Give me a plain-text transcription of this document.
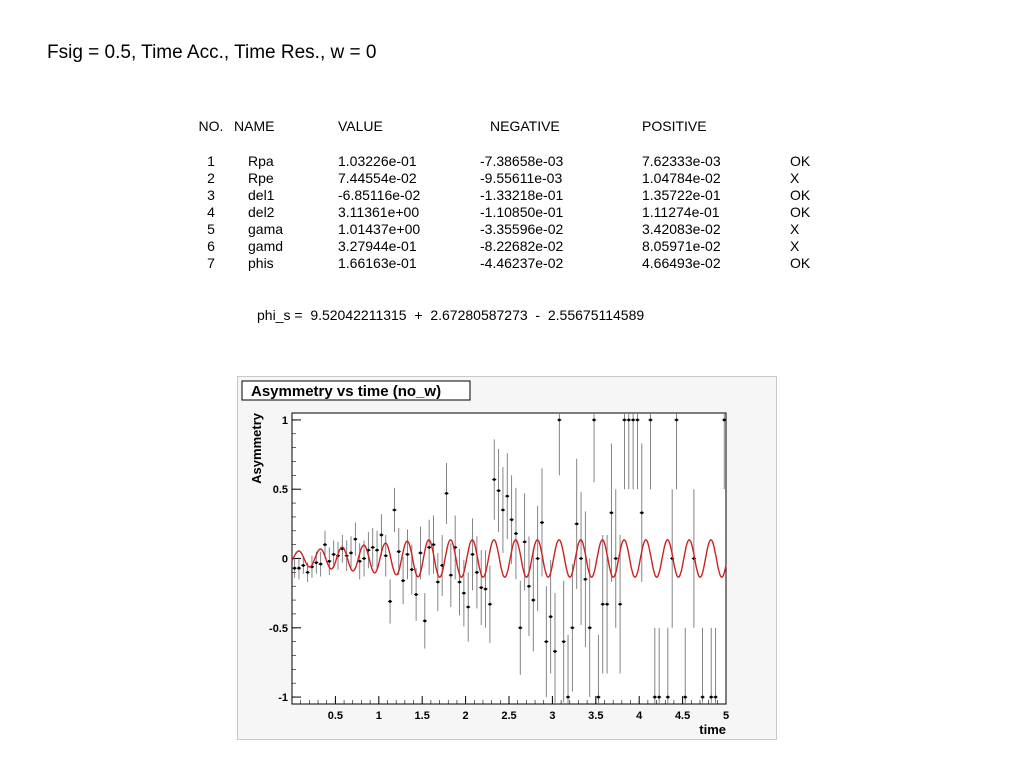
Fsig = 0.5, Time Acc., Time Res., w = 0
NO.	NAME	VALUE	NEGATIVE	POSITIVE	

1	Rpa	1.03226e-01	-7.38658e-03	7.62333e-03	OK
2	Rpe	7.44554e-02	-9.55611e-03	1.04784e-02	X
3	del1	-6.85116e-02	-1.33218e-01	1.35722e-01	OK
4	del2	3.11361e+00	-1.10850e-01	1.11274e-01	OK
5	gama	1.01437e+00	-3.35596e-02	3.42083e-02	X
6	gamd	3.27944e-01	-8.22682e-02	8.05971e-02	X
7	phis	1.66163e-01	-4.46237e-02	4.66493e-02	OK
phi_s =  9.52042211315  +  2.67280587273  -  2.55675114589
Asymmetry vs time (no_w)
0.5	1	1.5	2	2.5	3	3.5	4	4.5	5
1
0.5
0
-0.5
-1
time
Asymmetry
